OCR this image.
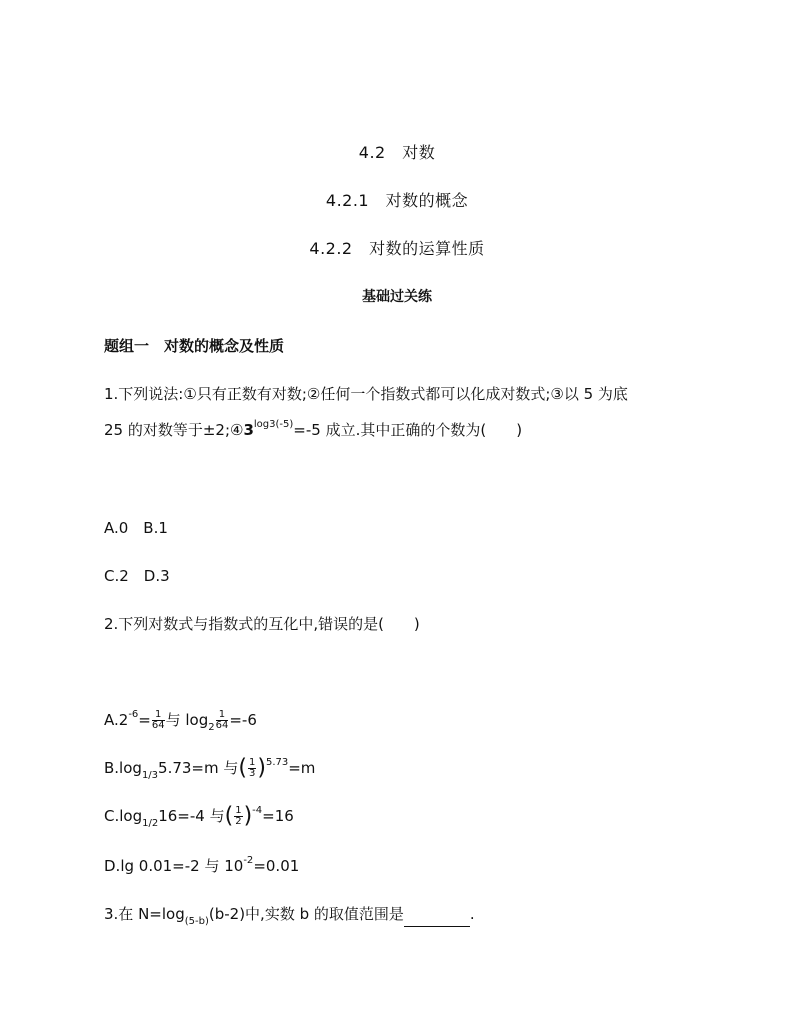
4.2　对数
4.2.1　对数的概念
4.2.2　对数的运算性质
基础过关练
题组一　对数的概念及性质
1.下列说法:①只有正数有对数;②任何一个指数式都可以化成对数式;③以 5 为底
25 的对数等于$\pm 2;④3^{log3(-5)}=-5$ 成立.其中正确的个数为(　　)
A.0　B.1
C.2　D.3
2.下列对数式与指数式的互化中,错误的是(　　)
$A.2^{-6}= \frac{1}{64}$ 与 $\log_2 \frac{1}{64} =-6$
$B.\log_{1/3}5.73=m$ 与( $\frac{1}{3} )^{5.73}=m$
$C.\log_{1/2}16=-4$ 与( $\frac{1}{2} )^{-4}=16$
D.lg 0.01=-2 与 $10^{-2}=0.01$
3.在 $N=\log_{(5-b)}(b-2)$中,实数 b 的取值范围是	.
